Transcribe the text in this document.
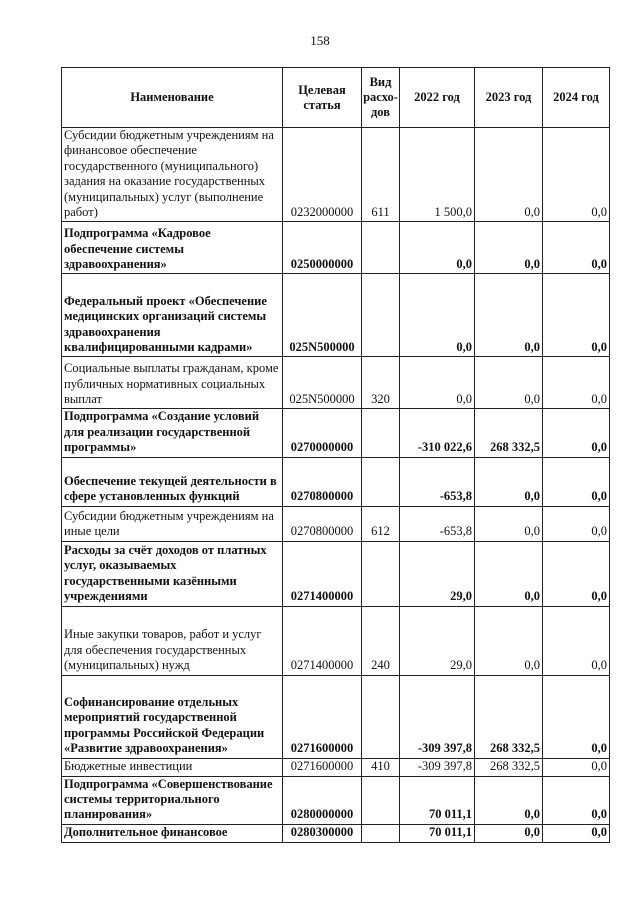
158
Наименование	Целевая статья	Вид расхо-дов	2022 год	2023 год	2024 год
Субсидии бюджетным учреждениям на финансовое обеспечение государственного (муниципального) задания на оказание государственных (муниципальных) услуг (выполнение работ)	0232000000	611	1 500,0	0,0	0,0
Подпрограмма «Кадровое обеспечение системы здравоохранения»	0250000000		0,0	0,0	0,0
Федеральный проект «Обеспечение медицинских организаций системы здравоохранения квалифицированными кадрами»	025N500000		0,0	0,0	0,0
Социальные выплаты гражданам, кроме публичных нормативных социальных выплат	025N500000	320	0,0	0,0	0,0
Подпрограмма «Создание условий для реализации государственной программы»	0270000000		-310 022,6	268 332,5	0,0
Обеспечение текущей деятельности в сфере установленных функций	0270800000		-653,8	0,0	0,0
Субсидии бюджетным учреждениям на иные цели	0270800000	612	-653,8	0,0	0,0
Расходы за счёт доходов от платных услуг, оказываемых государственными казёнными учреждениями	0271400000		29,0	0,0	0,0
Иные закупки товаров, работ и услуг для обеспечения государственных (муниципальных) нужд	0271400000	240	29,0	0,0	0,0
Софинансирование отдельных мероприятий государственной программы Российской Федерации «Развитие здравоохранения»	0271600000		-309 397,8	268 332,5	0,0
Бюджетные инвестиции	0271600000	410	-309 397,8	268 332,5	0,0
Подпрограмма «Совершенствование системы территориального планирования»	0280000000		70 011,1	0,0	0,0
Дополнительное финансовое	0280300000		70 011,1	0,0	0,0
